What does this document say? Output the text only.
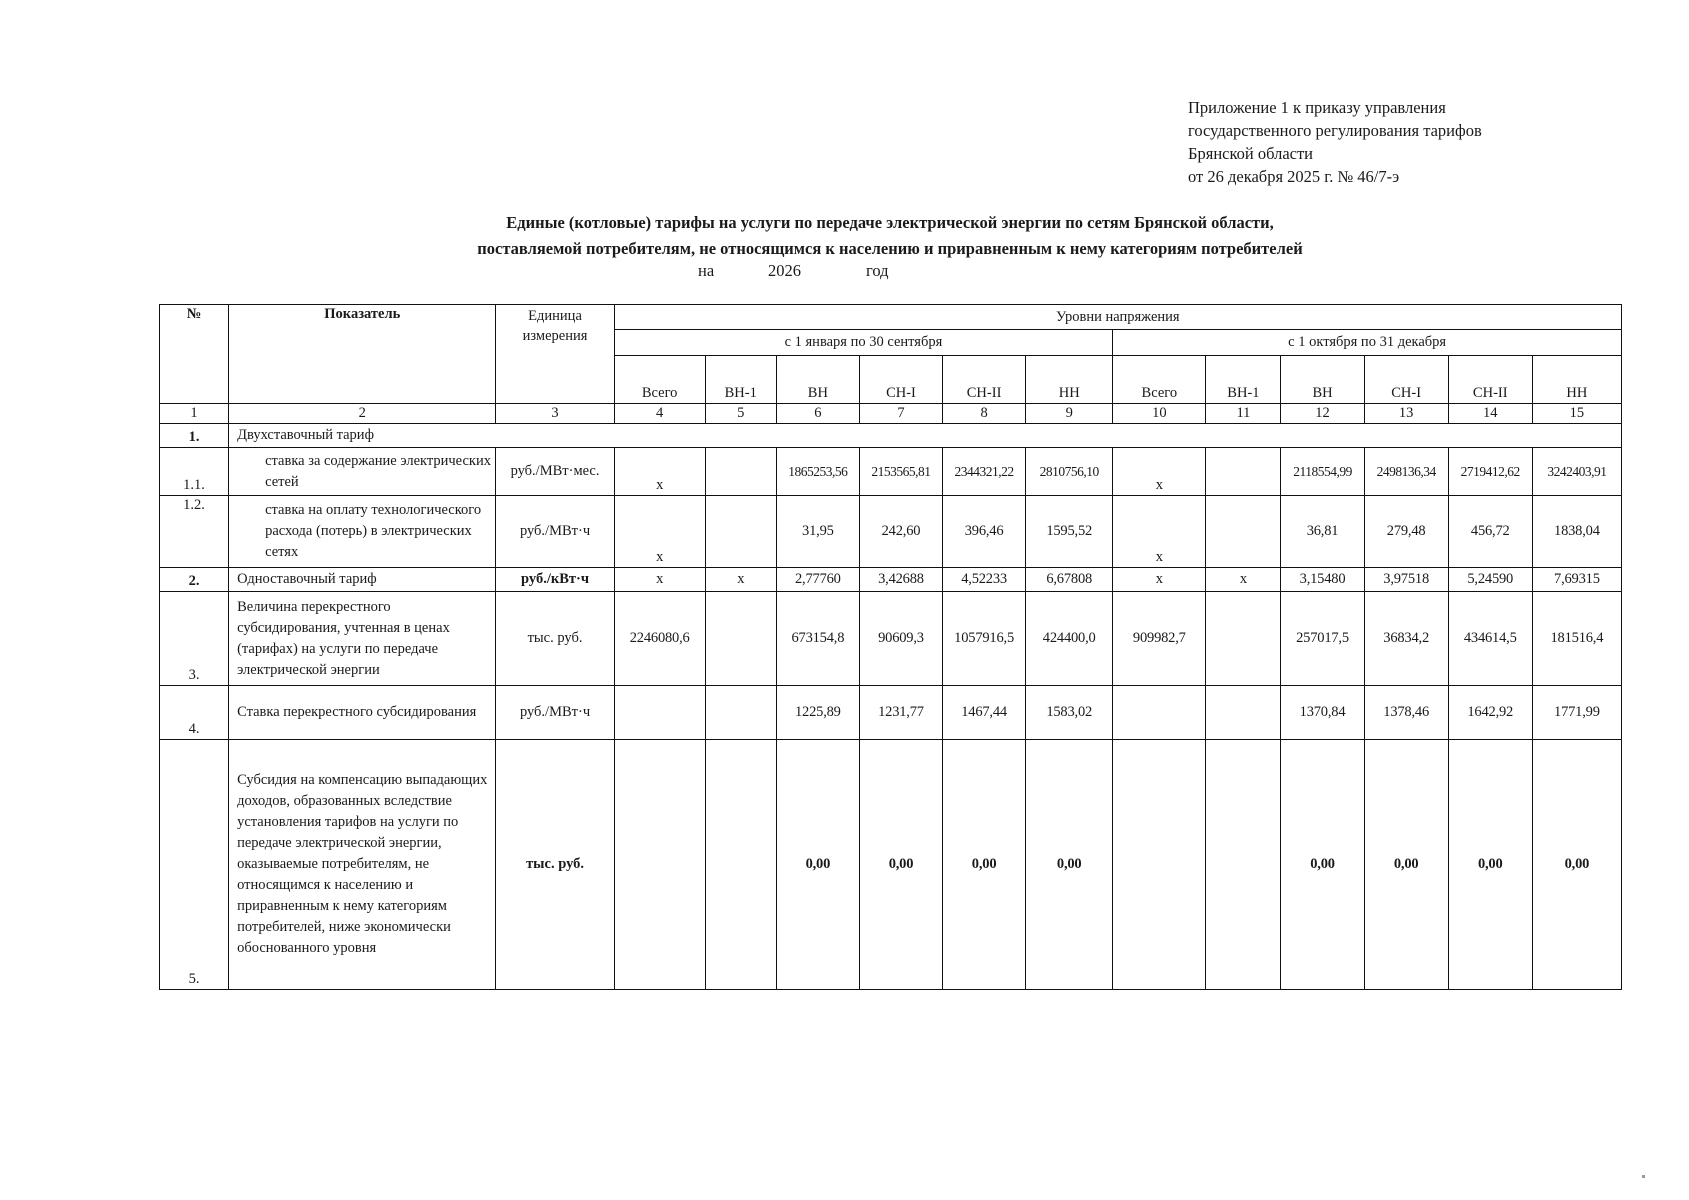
Приложение 1 к приказу управления
государственного регулирования тарифов
Брянской области
от 26 декабря 2025 г. № 46/7-э
Единые (котловые) тарифы на услуги по передаче электрической энергии по сетям Брянской области,
поставляемой потребителям, не относящимся к населению и приравненным к нему категориям потребителей
на	2026	год
№	Показатель	Единица измерения	Уровни напряжения											
			с 1 января по 30 сентября						с 1 октября по 31 декабря					
			Всего	ВН-1	ВН	СН-I	СН-II	НН	Всего	ВН-1	ВН	СН-I	СН-II	НН
1	2	3	4	5	6	7	8	9	10	11	12	13	14	15
1.	Двухставочный тариф													
1.1.	ставка за содержание электрических сетей	руб./МВт·мес.	x		1865253,56	2153565,81	2344321,22	2810756,10	x		2118554,99	2498136,34	2719412,62	3242403,91
1.2.	ставка на оплату технологического расхода (потерь) в электрических сетях	руб./МВт·ч	x		31,95	242,60	396,46	1595,52	x		36,81	279,48	456,72	1838,04
2.	Одноставочный тариф	руб./кВт·ч	x	x	2,77760	3,42688	4,52233	6,67808	x	x	3,15480	3,97518	5,24590	7,69315
3.	Величина перекрестного субсидирования, учтенная в ценах (тарифах) на услуги по передаче электрической энергии	тыс. руб.	2246080,6		673154,8	90609,3	1057916,5	424400,0	909982,7		257017,5	36834,2	434614,5	181516,4
4.	Ставка перекрестного субсидирования	руб./МВт·ч			1225,89	1231,77	1467,44	1583,02			1370,84	1378,46	1642,92	1771,99
5.	Субсидия на компенсацию выпадающих доходов, образованных вследствие установления тарифов на услуги по передаче электрической энергии, оказываемые потребителям, не относящимся к населению и приравненным к нему категориям потребителей, ниже экономически обоснованного уровня	тыс. руб.			0,00	0,00	0,00	0,00			0,00	0,00	0,00	0,00
